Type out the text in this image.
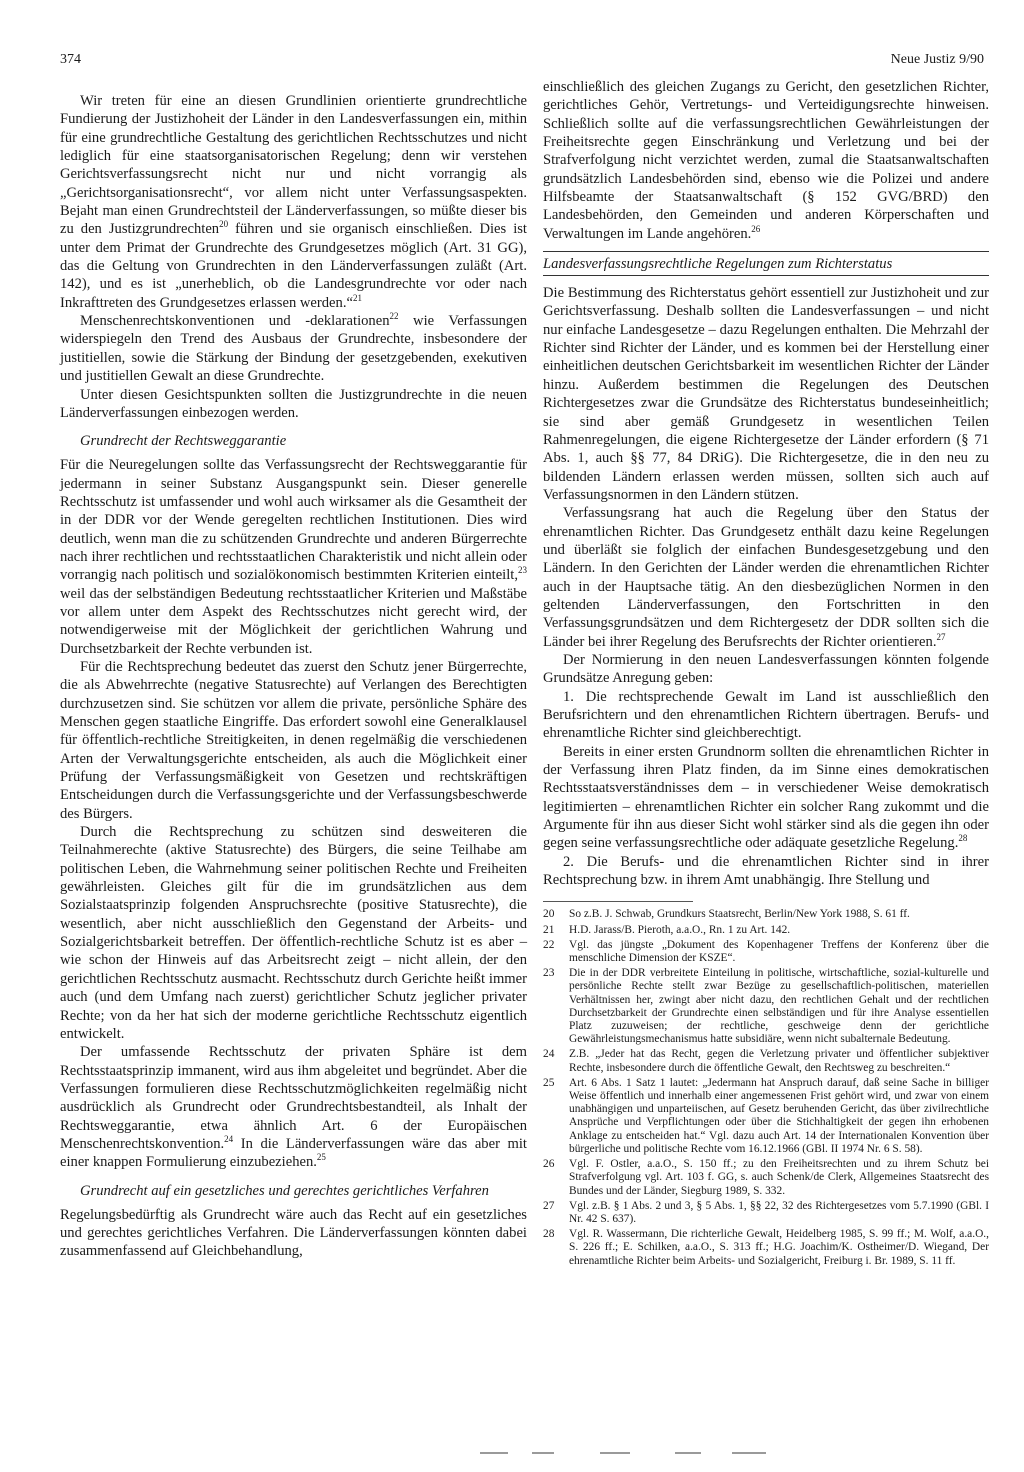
374	Neue Justiz 9/90

Wir treten für eine an diesen Grundlinien orientierte grundrechtliche Fundierung der Justizhoheit der Länder in den Landesverfassungen ein, mithin für eine grundrechtliche Gestaltung des gerichtlichen Rechtsschutzes und nicht lediglich für eine staatsorganisatorischen Regelung; denn wir verstehen Gerichtsverfassungsrecht nicht nur und nicht vorrangig als „Gerichtsorganisationsrecht“, vor allem nicht unter Verfassungsaspekten. Bejaht man einen Grundrechtsteil der Länderverfassungen, so müßte dieser bis zu den Justizgrundrechten$^{20}$ führen und sie organisch einschließen. Dies ist unter dem Primat der Grundrechte des Grundgesetzes möglich (Art. 31 GG), das die Geltung von Grundrechten in den Länderverfassungen zuläßt (Art. 142), und es ist „unerheblich, ob die Landesgrundrechte vor oder nach Inkrafttreten des Grundgesetzes erlassen werden.“$^{21}$

Menschenrechtskonventionen und -deklarationen$^{22}$ wie Verfassungen widerspiegeln den Trend des Ausbaus der Grundrechte, insbesondere der justitiellen, sowie die Stärkung der Bindung der gesetzgebenden, exekutiven und justitiellen Gewalt an diese Grundrechte.

Unter diesen Gesichtspunkten sollten die Justizgrundrechte in die neuen Länderverfassungen einbezogen werden.

Grundrecht der Rechtsweggarantie

Für die Neuregelungen sollte das Verfassungsrecht der Rechtsweggarantie für jedermann in seiner Substanz Ausgangspunkt sein. Dieser generelle Rechtsschutz ist umfassender und wohl auch wirksamer als die Gesamtheit der in der DDR vor der Wende geregelten rechtlichen Institutionen. Dies wird deutlich, wenn man die zu schützenden Grundrechte und anderen Bürgerrechte nach ihrer rechtlichen und rechtsstaatlichen Charakteristik und nicht allein oder vorrangig nach politisch und sozialökonomisch bestimmten Kriterien einteilt,$^{23}$ weil das der selbständigen Bedeutung rechtsstaatlicher Kriterien und Maßstäbe vor allem unter dem Aspekt des Rechtsschutzes nicht gerecht wird, der notwendigerweise mit der Möglichkeit der gerichtlichen Wahrung und Durchsetzbarkeit der Rechte verbunden ist.

Für die Rechtsprechung bedeutet das zuerst den Schutz jener Bürgerrechte, die als Abwehrrechte (negative Statusrechte) auf Verlangen des Berechtigten durchzusetzen sind. Sie schützen vor allem die private, persönliche Sphäre des Menschen gegen staatliche Eingriffe. Das erfordert sowohl eine Generalklausel für öffentlich-rechtliche Streitigkeiten, in denen regelmäßig die verschiedenen Arten der Verwaltungsgerichte entscheiden, als auch die Möglichkeit einer Prüfung der Verfassungsmäßigkeit von Gesetzen und rechtskräftigen Entscheidungen durch die Verfassungsgerichte und der Verfassungsbeschwerde des Bürgers.

Durch die Rechtsprechung zu schützen sind desweiteren die Teilnahmerechte (aktive Statusrechte) des Bürgers, die seine Teilhabe am politischen Leben, die Wahrnehmung seiner politischen Rechte und Freiheiten gewährleisten. Gleiches gilt für die im grundsätzlichen aus dem Sozialstaatsprinzip folgenden Anspruchsrechte (positive Statusrechte), die wesentlich, aber nicht ausschließlich den Gegenstand der Arbeits- und Sozialgerichtsbarkeit betreffen. Der öffentlich-rechtliche Schutz ist es aber – wie schon der Hinweis auf das Arbeitsrecht zeigt – nicht allein, der den gerichtlichen Rechtsschutz ausmacht. Rechtsschutz durch Gerichte heißt immer auch (und dem Umfang nach zuerst) gerichtlicher Schutz jeglicher privater Rechte; von da her hat sich der moderne gerichtliche Rechtsschutz eigentlich entwickelt.

Der umfassende Rechtsschutz der privaten Sphäre ist dem Rechtsstaatsprinzip immanent, wird aus ihm abgeleitet und begründet. Aber die Verfassungen formulieren diese Rechtsschutzmöglichkeiten regelmäßig nicht ausdrücklich als Grundrecht oder Grundrechtsbestandteil, als Inhalt der Rechtsweggarantie, etwa ähnlich Art. 6 der Europäischen Menschenrechtskonvention.$^{24}$ In die Länderverfassungen wäre das aber mit einer knappen Formulierung einzubeziehen.$^{25}$

Grundrecht auf ein gesetzliches und gerechtes gerichtliches Verfahren

Regelungsbedürftig als Grundrecht wäre auch das Recht auf ein gesetzliches und gerechtes gerichtliches Verfahren. Die Länderverfassungen könnten dabei zusammenfassend auf Gleichbehandlung,

einschließlich des gleichen Zugangs zu Gericht, den gesetzlichen Richter, gerichtliches Gehör, Vertretungs- und Verteidigungsrechte hinweisen. Schließlich sollte auf die verfassungsrechtlichen Gewährleistungen der Freiheitsrechte gegen Einschränkung und Verletzung und bei der Strafverfolgung nicht verzichtet werden, zumal die Staatsanwaltschaften grundsätzlich Landesbehörden sind, ebenso wie die Polizei und andere Hilfsbeamte der Staatsanwaltschaft (§ 152 GVG/BRD) den Landesbehörden, den Gemeinden und anderen Körperschaften und Verwaltungen im Lande angehören.$^{26}$

Landesverfassungsrechtliche Regelungen zum Richterstatus

Die Bestimmung des Richterstatus gehört essentiell zur Justizhoheit und zur Gerichtsverfassung. Deshalb sollten die Landesverfassungen – und nicht nur einfache Landesgesetze – dazu Regelungen enthalten. Die Mehrzahl der Richter sind Richter der Länder, und es kommen bei der Herstellung einer einheitlichen deutschen Gerichtsbarkeit im wesentlichen Richter der Länder hinzu. Außerdem bestimmen die Regelungen des Deutschen Richtergesetzes zwar die Grundsätze des Richterstatus bundeseinheitlich; sie sind aber gemäß Grundgesetz in wesentlichen Teilen Rahmenregelungen, die eigene Richtergesetze der Länder erfordern (§ 71 Abs. 1, auch §§ 77, 84 DRiG). Die Richtergesetze, die in den neu zu bildenden Ländern erlassen werden müssen, sollten sich auch auf Verfassungsnormen in den Ländern stützen.

Verfassungsrang hat auch die Regelung über den Status der ehrenamtlichen Richter. Das Grundgesetz enthält dazu keine Regelungen und überläßt sie folglich der einfachen Bundesgesetzgebung und den Ländern. In den Gerichten der Länder werden die ehrenamtlichen Richter auch in der Hauptsache tätig. An den diesbezüglichen Normen in den geltenden Länderverfassungen, den Fortschritten in den Verfassungsgrundsätzen und dem Richtergesetz der DDR sollten sich die Länder bei ihrer Regelung des Berufsrechts der Richter orientieren.$^{27}$

Der Normierung in den neuen Landesverfassungen könnten folgende Grundsätze Anregung geben:

1. Die rechtsprechende Gewalt im Land ist ausschließlich den Berufsrichtern und den ehrenamtlichen Richtern übertragen. Berufs- und ehrenamtliche Richter sind gleichberechtigt.

Bereits in einer ersten Grundnorm sollten die ehrenamtlichen Richter in der Verfassung ihren Platz finden, da im Sinne eines demokratischen Rechtsstaatsverständnisses dem – in verschiedener Weise demokratisch legitimierten – ehrenamtlichen Richter ein solcher Rang zukommt und die Argumente für ihn aus dieser Sicht wohl stärker sind als die gegen ihn oder gegen seine verfassungsrechtliche oder adäquate gesetzliche Regelung.$^{28}$

2. Die Berufs- und die ehrenamtlichen Richter sind in ihrer Rechtsprechung bzw. in ihrem Amt unabhängig. Ihre Stellung und

20	So z.B. J. Schwab, Grundkurs Staatsrecht, Berlin/New York 1988, S. 61 ff.
21	H.D. Jarass/B. Pieroth, a.a.O., Rn. 1 zu Art. 142.
22	Vgl. das jüngste „Dokument des Kopenhagener Treffens der Konferenz über die menschliche Dimension der KSZE“.
23	Die in der DDR verbreitete Einteilung in politische, wirtschaftliche, sozial-kulturelle und persönliche Rechte stellt zwar Bezüge zu gesellschaftlich-politischen, materiellen Verhältnissen her, zwingt aber nicht dazu, den rechtlichen Gehalt und der rechtlichen Durchsetzbarkeit der Grundrechte einen selbständigen und für ihre Analyse essentiellen Platz zuzuweisen; der rechtliche, geschweige denn der gerichtliche Gewährleistungsmechanismus hatte subsidiäre, wenn nicht subalternale Bedeutung.
24	Z.B. „Jeder hat das Recht, gegen die Verletzung privater und öffentlicher subjektiver Rechte, insbesondere durch die öffentliche Gewalt, den Rechtsweg zu beschreiten.“
25	Art. 6 Abs. 1 Satz 1 lautet: „Jedermann hat Anspruch darauf, daß seine Sache in billiger Weise öffentlich und innerhalb einer angemessenen Frist gehört wird, und zwar von einem unabhängigen und unparteiischen, auf Gesetz beruhenden Gericht, das über zivilrechtliche Ansprüche und Verpflichtungen oder über die Stichhaltigkeit der gegen ihn erhobenen Anklage zu entscheiden hat.“ Vgl. dazu auch Art. 14 der Internationalen Konvention über bürgerliche und politische Rechte vom 16.12.1966 (GBl. II 1974 Nr. 6 S. 58).
26	Vgl. F. Ostler, a.a.O., S. 150 ff.; zu den Freiheitsrechten und zu ihrem Schutz bei Strafverfolgung vgl. Art. 103 f. GG, s. auch Schenk/de Clerk, Allgemeines Staatsrecht des Bundes und der Länder, Siegburg 1989, S. 332.
27	Vgl. z.B. § 1 Abs. 2 und 3, § 5 Abs. 1, §§ 22, 32 des Richtergesetzes vom 5.7.1990 (GBl. I Nr. 42 S. 637).
28	Vgl. R. Wassermann, Die richterliche Gewalt, Heidelberg 1985, S. 99 ff.; M. Wolf, a.a.O., S. 226 ff.; E. Schilken, a.a.O., S. 313 ff.; H.G. Joachim/K. Ostheimer/D. Wiegand, Der ehrenamtliche Richter beim Arbeits- und Sozialgericht, Freiburg i. Br. 1989, S. 11 ff.
